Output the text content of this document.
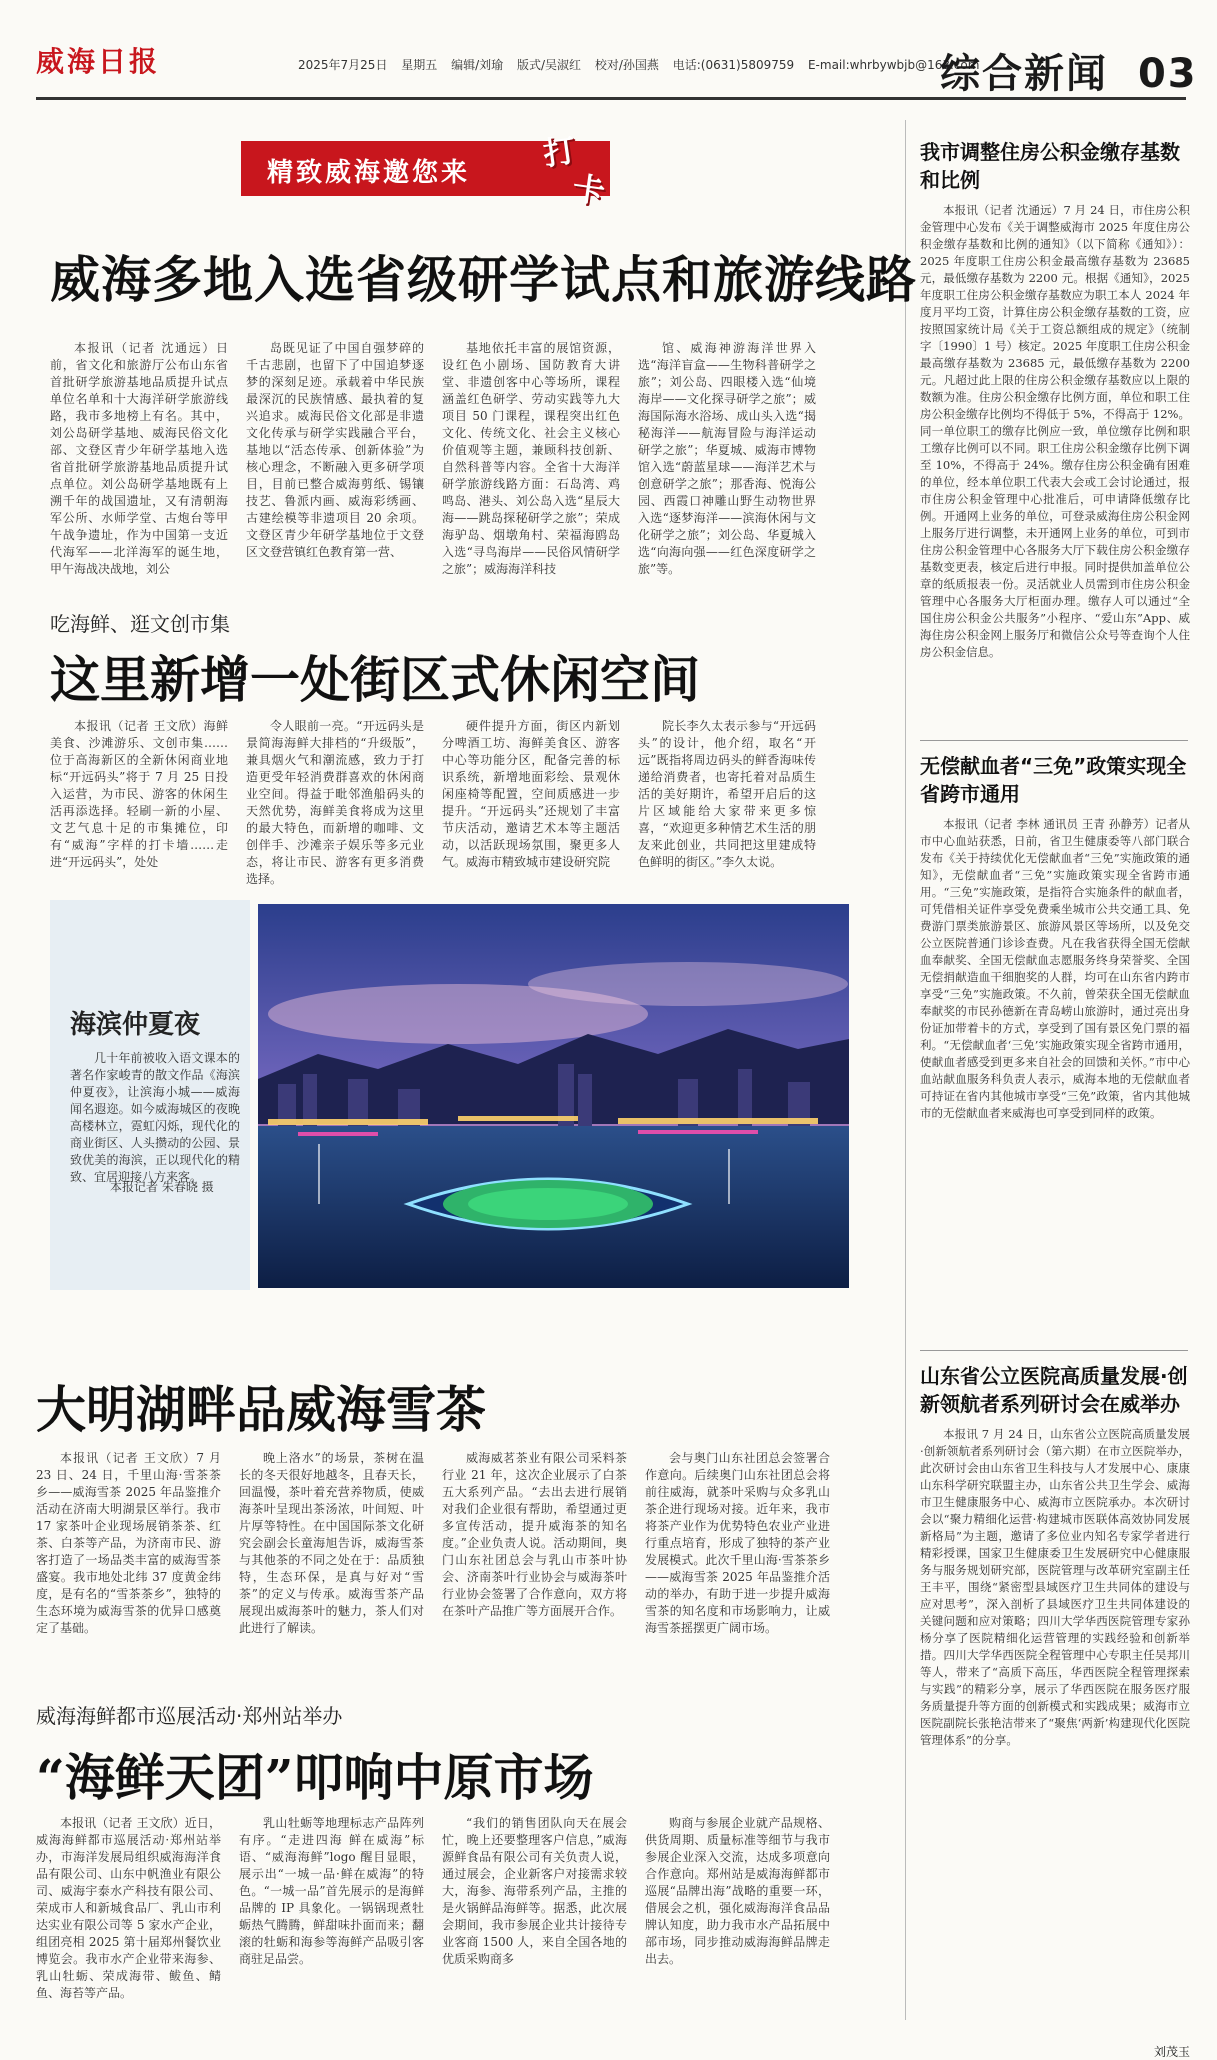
威海日报	2025年7月25日 星期五 编辑/刘瑜 版式/吴淑红 校对/孙国燕 电话:(0631)5809759 E-mail:whrbywbjb@163.com
综合新闻 03
精致威海邀您来 打
卡
威海多地入选省级研学试点和旅游线路
本报讯（记者 沈通远）日前，省文化和旅游厅公布山东省首批研学旅游基地品质提升试点单位名单和十大海洋研学旅游线路，我市多地榜上有名。其中，刘公岛研学基地、威海民俗文化部、文登区青少年研学基地入选省首批研学旅游基地品质提升试点单位。刘公岛研学基地既有上溯千年的战国遗址，又有清朝海军公所、水师学堂、古炮台等甲午战争遗址，作为中国第一支近代海军——北洋海军的诞生地，甲午海战决战地，刘公
岛既见证了中国自强梦碎的千古悲剧，也留下了中国追梦逐梦的深刻足迹。承载着中华民族最深沉的民族情感、最执着的复兴追求。威海民俗文化部是非遗文化传承与研学实践融合平台，基地以“活态传承、创新体验”为核心理念，不断融入更多研学项目，目前已整合威海剪纸、锡镶技艺、鲁派内画、威海彩绣画、古建绘模等非遗项目 20 余项。文登区青少年研学基地位于文登区文登营镇红色教育第一营、
基地依托丰富的展馆资源，设红色小剧场、国防教育大讲堂、非遗创客中心等场所，课程涵盖红色研学、劳动实践等九大项目 50 门课程，课程突出红色文化、传统文化、社会主义核心价值观等主题，兼顾科技创新、自然科普等内容。全省十大海洋研学旅游线路方面：石岛湾、鸡鸣岛、港头、刘公岛入选“星辰大海——跳岛探秘研学之旅”；荣成海驴岛、烟墩角村、荣福海鸥岛入选“寻鸟海岸——民俗风情研学之旅”；威海海洋科技
馆、威海神游海洋世界入选“海洋盲盒——生物科普研学之旅”；刘公岛、四眼楼入选“仙境海岸——文化探寻研学之旅”；威海国际海水浴场、成山头入选“揭秘海洋——航海冒险与海洋运动研学之旅”；华夏城、威海市博物馆入选“蔚蓝星球——海洋艺术与创意研学之旅”；那香海、悦海公园、西霞口神雕山野生动物世界入选“逐梦海洋——滨海休闲与文化研学之旅”；刘公岛、华夏城入选“向海向强——红色深度研学之旅”等。
吃海鲜、逛文创市集
这里新增一处街区式休闲空间
本报讯（记者 王文欣）海鲜美食、沙滩游乐、文创市集……位于高海新区的全新休闲商业地标“开远码头”将于 7 月 25 日投入运营，为市民、游客的休闲生活再添选择。轻刷一新的小屋、文艺气息十足的市集摊位，印有“威海”字样的打卡墙……走进“开远码头”，处处
令人眼前一亮。“开远码头是景简海海鲜大排档的“升级版”，兼具烟火气和潮流感，致力于打造更受年轻消费群喜欢的休闲商业空间。得益于毗邻渔船码头的天然优势，海鲜美食将成为这里的最大特色，而新增的咖啡、文创伴手、沙滩亲子娱乐等多元业态，将让市民、游客有更多消费选择。
硬件提升方面，街区内新划分啤酒工坊、海鲜美食区、游客中心等功能分区，配备完善的标识系统，新增地面彩绘、景观休闲座椅等配置，空间质感进一步提升。“开远码头”还规划了丰富节庆活动，邀请艺术本等主题活动，以活跃现场氛围，聚更多人气。威海市精致城市建设研究院
院长李久太表示参与“开远码头”的设计，他介绍，取名“开远”既指将周边码头的鲜香海味传递给消费者，也寄托着对品质生活的美好期许，希望开启后的这片区域能给大家带来更多惊喜，“欢迎更多种情艺术生活的朋友来此创业，共同把这里建成特色鲜明的街区。”李久太说。
海滨仲夏夜
几十年前被收入语文课本的著名作家峻青的散文作品《海滨仲夏夜》，让滨海小城——威海闻名遐迩。如今威海城区的夜晚高楼林立，霓虹闪烁，现代化的商业街区、人头攒动的公园、景致优美的海滨，正以现代化的精致、宜居迎接八方来客。
本报记者 朱春晓 摄
大明湖畔品威海雪茶
本报讯（记者 王文欣）7 月 23 日、24 日，千里山海·雪茶茶乡——威海雪茶 2025 年品鉴推介活动在济南大明湖景区举行。我市 17 家茶叶企业现场展销茶茶、红茶、白茶等产品，为济南市民、游客打造了一场品类丰富的威海雪茶盛宴。我市地处北纬 37 度黄金纬度，是有名的“雪茶茶乡”，独特的生态环境为威海雪茶的优异口感奠定了基础。
晚上洛水”的场景，茶树在温长的冬天很好地越冬，且春天长，回温慢，茶叶着充营养物质，使威海茶叶呈现出茶汤浓，叶间短、叶片厚等特性。在中国国际茶文化研究会副会长童海旭告诉，威海雪茶与其他茶的不同之处在于：品质独特，生态环保，是真与好对“雪茶”的定义与传承。威海雪茶产品展现出威海茶叶的魅力，茶人们对此进行了解读。
威海威茗茶业有限公司采料茶行业 21 年，这次企业展示了白茶五大系列产品。“去出去进行展销对我们企业很有帮助，希望通过更多宣传活动，提升威海茶的知名度。”企业负责人说。活动期间，奥门山东社团总会与乳山市茶叶协会、济南茶叶行业协会与威海茶叶行业协会签署了合作意向，双方将在茶叶产品推广等方面展开合作。
会与奥门山东社团总会签署合作意向。后续奥门山东社团总会将前往威海，就茶叶采购与众多乳山茶企进行现场对接。近年来，我市将茶产业作为优势特色农业产业进行重点培育，形成了独特的茶产业发展模式。此次千里山海·雪茶茶乡——威海雪茶 2025 年品鉴推介活动的举办，有助于进一步提升威海雪茶的知名度和市场影响力，让威海雪茶摇摆更广阔市场。
威海海鲜都市巡展活动·郑州站举办
“海鲜天团”叩响中原市场
本报讯（记者 王文欣）近日，威海海鲜都市巡展活动·郑州站举办，市海洋发展局组织威海海洋食品有限公司、山东中帆渔业有限公司、威海宇泰水产科技有限公司、荣成市人和新城食品厂、乳山市利达实业有限公司等 5 家水产企业，组团亮相 2025 第十届郑州餐饮业博览会。我市水产企业带来海参、乳山牡蛎、荣成海带、鲅鱼、鲭鱼、海苔等产品。
乳山牡蛎等地理标志产品阵列有序。“走进四海 鲜在威海”标语、“威海海鲜”logo 醒目显眼，展示出“一城一品·鲜在威海”的特色。“一城一品”首先展示的是海鲜品牌的 IP 具象化。一锅锅现煮牡蛎热气腾腾，鲜甜味扑面而来；翻滚的牡蛎和海参等海鲜产品吸引客商驻足品尝。
“我们的销售团队向天在展会忙，晚上还要整理客户信息，”威海源鲜食品有限公司有关负责人说，通过展会，企业新客户对接需求较大，海参、海带系列产品，主推的是火锅鲜品海鲜等。据悉，此次展会期间，我市参展企业共计接待专业客商 1500 人，来自全国各地的优质采购商多
购商与参展企业就产品规格、供货周期、质量标准等细节与我市参展企业深入交流，达成多项意向合作意向。郑州站是威海海鲜都市巡展“品牌出海”战略的重要一环，借展会之机，强化威海海洋食品品牌认知度，助力我市水产品拓展中部市场，同步推动威海海鲜品牌走出去。
我市调整住房公积金缴存基数和比例
本报讯（记者 沈通远）7 月 24 日，市住房公积金管理中心发布《关于调整威海市 2025 年度住房公积金缴存基数和比例的通知》（以下简称《通知》）：2025 年度职工住房公积金最高缴存基数为 23685 元，最低缴存基数为 2200 元。根据《通知》，2025 年度职工住房公积金缴存基数应为职工本人 2024 年度月平均工资，计算住房公积金缴存基数的工资，应按照国家统计局《关于工资总额组成的规定》（统制字〔1990〕1 号）核定。2025 年度职工住房公积金最高缴存基数为 23685 元，最低缴存基数为 2200 元。凡超过此上限的住房公积金缴存基数应以上限的数额为准。住房公积金缴存比例方面，单位和职工住房公积金缴存比例均不得低于 5%，不得高于 12%。同一单位职工的缴存比例应一致，单位缴存比例和职工缴存比例可以不同。职工住房公积金缴存比例下调至 10%，不得高于 24%。缴存住房公积金确有困难的单位，经本单位职工代表大会或工会讨论通过，报市住房公积金管理中心批准后，可申请降低缴存比例。开通网上业务的单位，可登录威海住房公积金网上服务厅进行调整，未开通网上业务的单位，可到市住房公积金管理中心各服务大厅下载住房公积金缴存基数变更表，核定后进行申报。同时提供加盖单位公章的纸质报表一份。灵活就业人员需到市住房公积金管理中心各服务大厅柜面办理。缴存人可以通过“全国住房公积金公共服务”小程序、“爱山东”App、威海住房公积金网上服务厅和微信公众号等查询个人住房公积金信息。
无偿献血者“三免”政策实现全省跨市通用
本报讯（记者 李林 通讯员 王青 孙静芳）记者从市中心血站获悉，日前，省卫生健康委等八部门联合发布《关于持续优化无偿献血者“三免”实施政策的通知》，无偿献血者“三免”实施政策实现全省跨市通用。“三免”实施政策，是指符合实施条件的献血者，可凭借相关证件享受免费乘坐城市公共交通工具、免费游门票类旅游景区、旅游风景区等场所，以及免交公立医院普通门诊诊查费。凡在我省获得全国无偿献血奉献奖、全国无偿献血志愿服务终身荣誉奖、全国无偿捐献造血干细胞奖的人群，均可在山东省内跨市享受“三免”实施政策。不久前，曾荣获全国无偿献血奉献奖的市民孙德新在青岛崂山旅游时，通过亮出身份证加带着卡的方式，享受到了国有景区免门票的福利。“无偿献血者‘三免’实施政策实现全省跨市通用，使献血者感受到更多来自社会的回馈和关怀。”市中心血站献血服务科负责人表示，威海本地的无偿献血者可持证在省内其他城市享受“三免”政策，省内其他城市的无偿献血者来威海也可享受到同样的政策。
山东省公立医院高质量发展·创新领航者系列研讨会在威举办
本报讯 7 月 24 日，山东省公立医院高质量发展·创新领航者系列研讨会（第六期）在市立医院举办，此次研讨会由山东省卫生科技与人才发展中心、康康山东科学研究联盟主办，山东省公共卫生学会、威海市卫生健康服务中心、威海市立医院承办。本次研讨会以“聚力精细化运营·构建城市医联体高效协同发展新格局”为主题，邀请了多位业内知名专家学者进行精彩授课，国家卫生健康委卫生发展研究中心健康服务与服务规划研究部，医院管理与改革研究室副主任王丰平，围绕“紧密型县域医疗卫生共同体的建设与应对思考”，深入剖析了县域医疗卫生共同体建设的关键问题和应对策略；四川大学华西医院管理专家孙杨分享了医院精细化运营管理的实践经验和创新举措。四川大学华西医院全程管理中心专职主任吴邦川等人，带来了“高质下高压，华西医院全程管理探索与实践”的精彩分享，展示了华西医院在服务医疗服务质量提升等方面的创新模式和实践成果；威海市立医院副院长张艳洁带来了“聚焦‘两新’构建现代化医院管理体系”的分享。
刘茂玉
